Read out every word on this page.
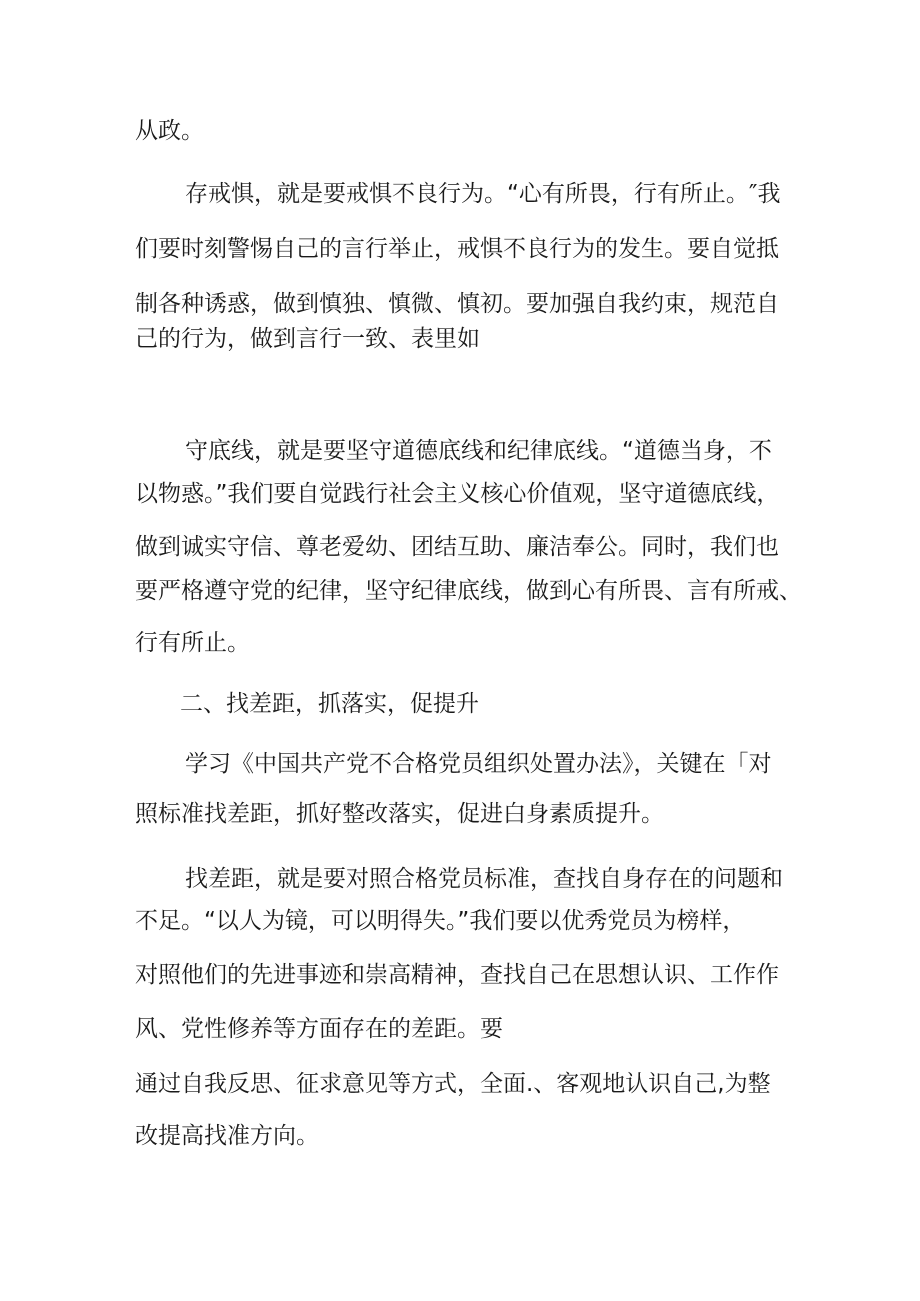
从政。

存戒惧，就是要戒惧不良行为。“心有所畏，行有所止。″我

们要时刻警惕自己的言行举止，戒惧不良行为的发生。要自觉抵

制各种诱惑，做到慎独、慎微、慎初。要加强自我约束，规范自

己的行为，做到言行一致、表里如

守底线，就是要坚守道德底线和纪律底线。“道德当身，不

以物惑。”我们要自觉践行社会主义核心价值观，坚守道德底线，

做到诚实守信、尊老爱幼、团结互助、廉洁奉公。同时，我们也

要严格遵守党的纪律，坚守纪律底线，做到心有所畏、言有所戒、

行有所止。

二、找差距，抓落实，促提升

学习《中国共产党不合格党员组织处置办法》，关键在「对

照标准找差距，抓好整改落实，促进白身素质提升。

找差距，就是要对照合格党员标准，查找自身存在的问题和

不足。“以人为镜，可以明得失。”我们要以优秀党员为榜样，

对照他们的先进事迹和崇高精神，查找自己在思想认识、工作作

风、党性修养等方面存在的差距。要

通过自我反思、征求意见等方式，全面.、客观地认识自己,为整

改提高找准方向。
